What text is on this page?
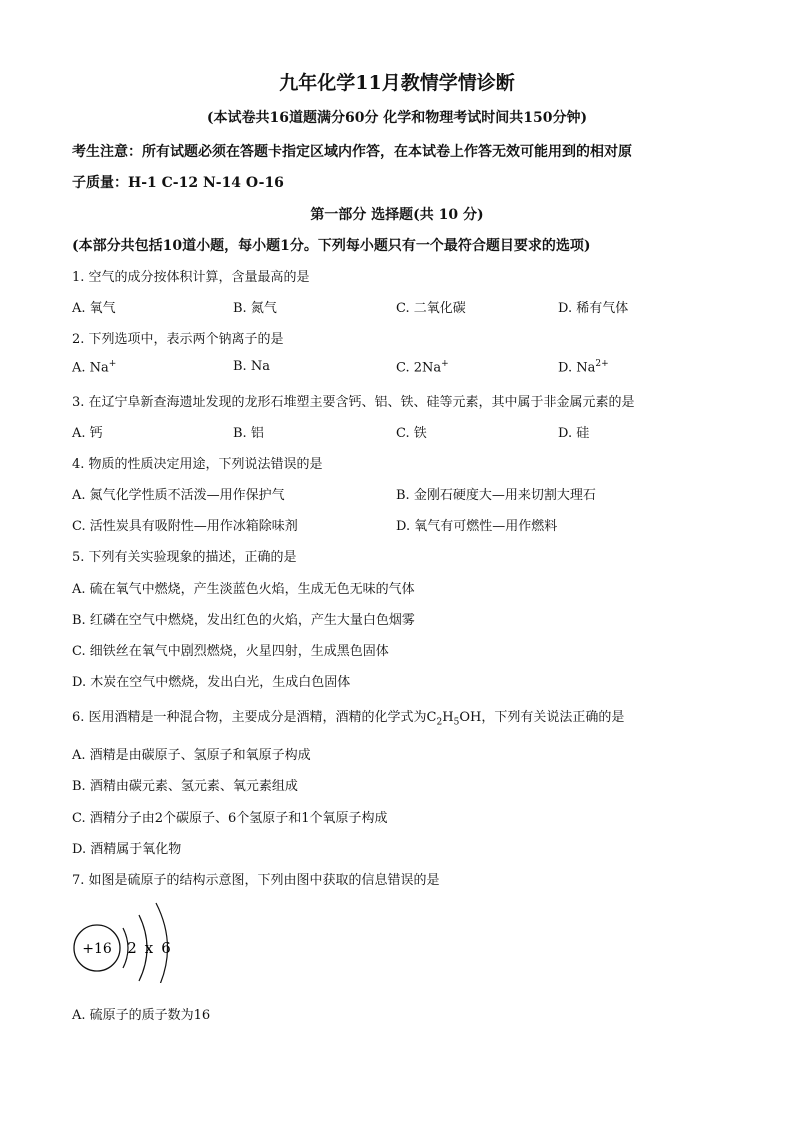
九年化学11月教情学情诊断
(本试卷共16道题满分60分 化学和物理考试时间共150分钟)
考生注意：所有试题必须在答题卡指定区域内作答，在本试卷上作答无效可能用到的相对原
子质量：H-1 C-12 N-14 O-16
第一部分 选择题(共 10 分)
(本部分共包括10道小题，每小题1分。下列每小题只有一个最符合题目要求的选项)
1. 空气的成分按体积计算，含量最高的是
A. 氧气	B. 氮气	C. 二氧化碳	D. 稀有气体
2. 下列选项中，表示两个钠离子的是
A. Na+	B. Na	C. 2Na+	D. $Na^{2+}$
3. 在辽宁阜新查海遗址发现的龙形石堆塑主要含钙、铝、铁、硅等元素，其中属于非金属元素的是
A. 钙	B. 铝	C. 铁	D. 硅
4. 物质的性质决定用途，下列说法错误的是
A. 氮气化学性质不活泼—用作保护气	B. 金刚石硬度大—用来切割大理石
C. 活性炭具有吸附性—用作冰箱除味剂	D. 氧气有可燃性—用作燃料
5. 下列有关实验现象的描述，正确的是
A. 硫在氧气中燃烧，产生淡蓝色火焰，生成无色无味的气体
B. 红磷在空气中燃烧，发出红色的火焰，产生大量白色烟雾
C. 细铁丝在氧气中剧烈燃烧，火星四射，生成黑色固体
D. 木炭在空气中燃烧，发出白光，生成白色固体
6. 医用酒精是一种混合物，主要成分是酒精，酒精的化学式为$C_2H_5OH$，下列有关说法正确的是
A. 酒精是由碳原子、氢原子和氧原子构成
B. 酒精由碳元素、氢元素、氧元素组成
C. 酒精分子由2个碳原子、6个氢原子和1个氧原子构成
D. 酒精属于氧化物
7. 如图是硫原子的结构示意图，下列由图中获取的信息错误的是
+16 2 x 6
A. 硫原子的质子数为16
